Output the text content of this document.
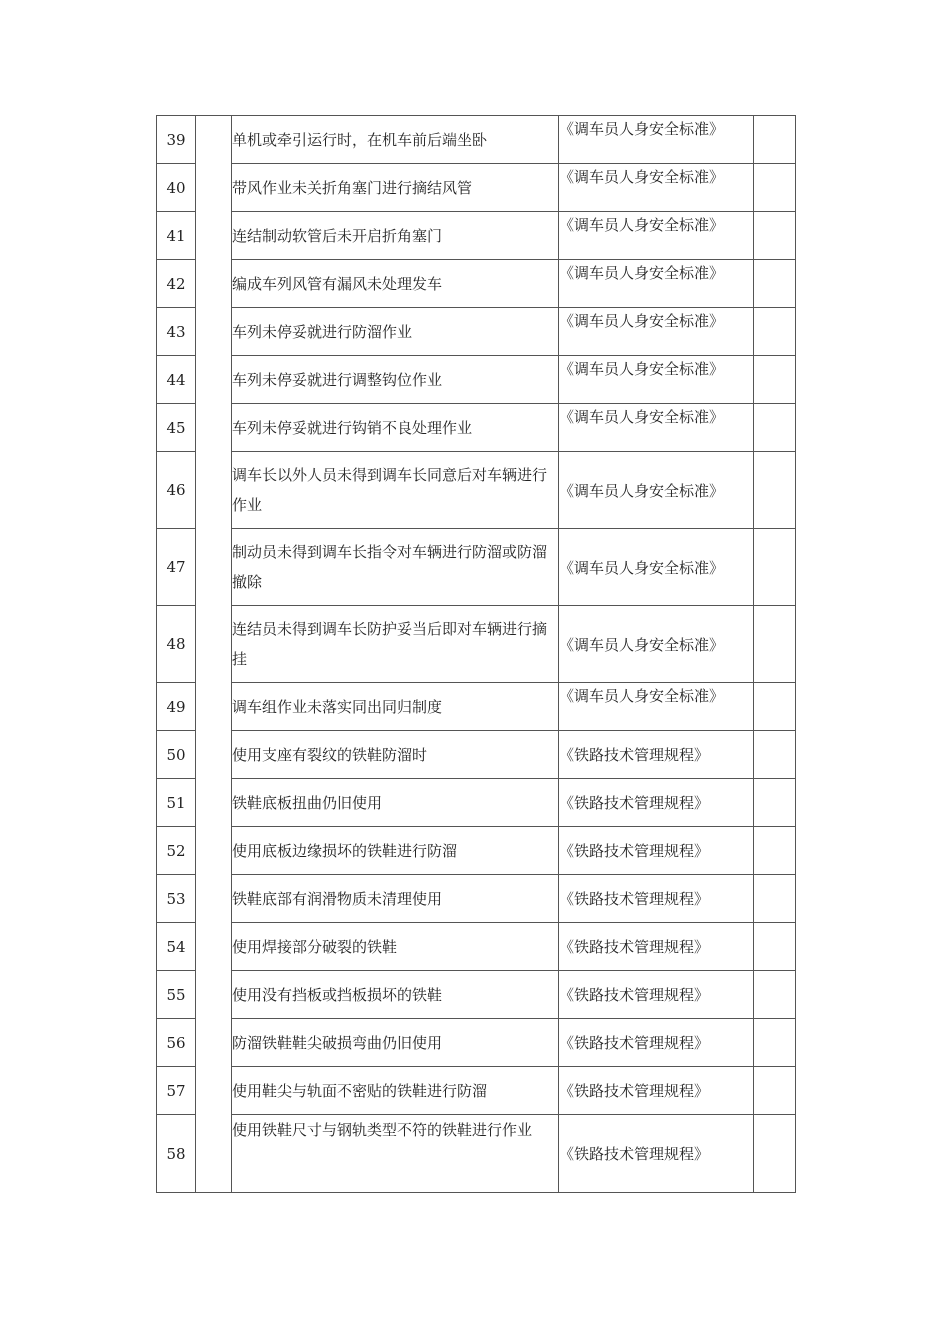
39		单机或牵引运行时，在机车前后端坐卧	《调车员人身安全标准》	
40		带风作业未关折角塞门进行摘结风管	《调车员人身安全标准》	
41		连结制动软管后未开启折角塞门	《调车员人身安全标准》	
42		编成车列风管有漏风未处理发车	《调车员人身安全标准》	
43		车列未停妥就进行防溜作业	《调车员人身安全标准》	
44		车列未停妥就进行调整钩位作业	《调车员人身安全标准》	
45		车列未停妥就进行钩销不良处理作业	《调车员人身安全标准》	
46		调车长以外人员未得到调车长同意后对车辆进行作业	《调车员人身安全标准》	
47		制动员未得到调车长指令对车辆进行防溜或防溜撤除	《调车员人身安全标准》	
48		连结员未得到调车长防护妥当后即对车辆进行摘挂	《调车员人身安全标准》	
49		调车组作业未落实同出同归制度	《调车员人身安全标准》	
50		使用支座有裂纹的铁鞋防溜时	《铁路技术管理规程》	
51		铁鞋底板扭曲仍旧使用	《铁路技术管理规程》	
52		使用底板边缘损坏的铁鞋进行防溜	《铁路技术管理规程》	
53		铁鞋底部有润滑物质未清理使用	《铁路技术管理规程》	
54		使用焊接部分破裂的铁鞋	《铁路技术管理规程》	
55		使用没有挡板或挡板损坏的铁鞋	《铁路技术管理规程》	
56		防溜铁鞋鞋尖破损弯曲仍旧使用	《铁路技术管理规程》	
57		使用鞋尖与轨面不密贴的铁鞋进行防溜	《铁路技术管理规程》	
58		使用铁鞋尺寸与钢轨类型不符的铁鞋进行作业	《铁路技术管理规程》	
